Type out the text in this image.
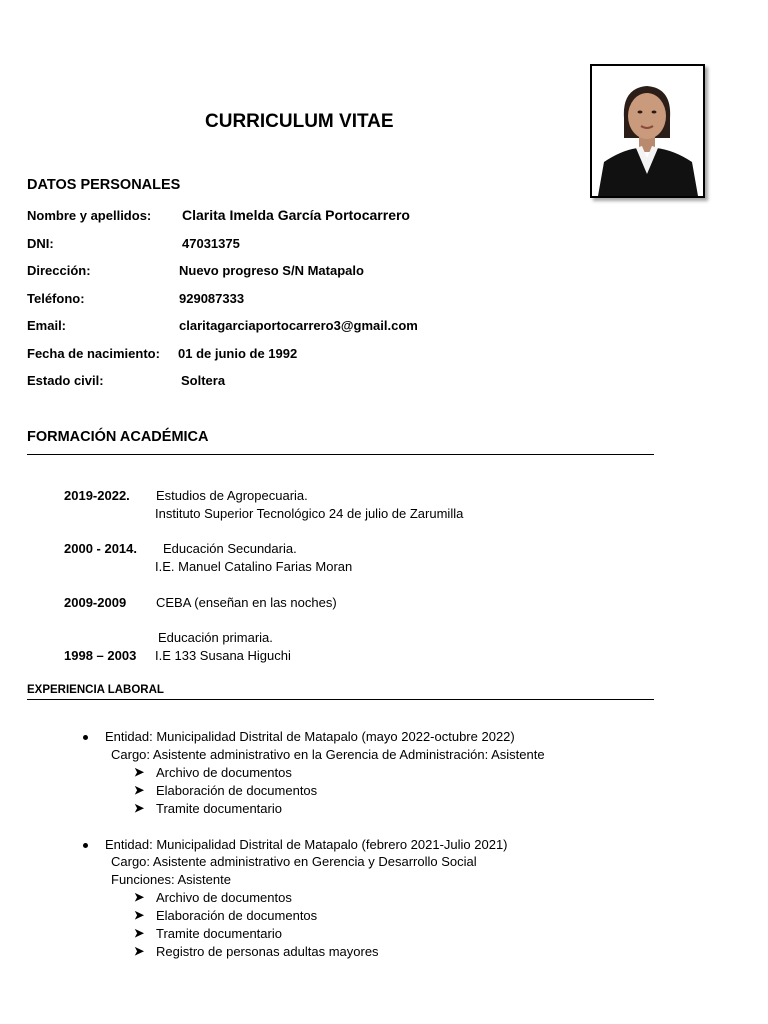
CURRICULUM VITAE
DATOS PERSONALES
Nombre y apellidos: Clarita Imelda García Portocarrero
DNI:	47031375
Dirección:	Nuevo progreso S/N Matapalo
Teléfono:	929087333
Email:	claritagarciaportocarrero3@gmail.com
Fecha de nacimiento: 01 de junio de 1992
Estado civil:	Soltera
FORMACIÓN ACADÉMICA
2019-2022. Estudios de Agropecuaria.
Instituto Superior Tecnológico 24 de julio de Zarumilla
2000 - 2014. Educación Secundaria.
I.E. Manuel Catalino Farias Moran
2009-2009 CEBA (enseñan en las noches)
Educación primaria.
1998 – 2003 I.E 133 Susana Higuchi
EXPERIENCIA LABORAL
Entidad: Municipalidad Distrital de Matapalo (mayo 2022-octubre 2022)
Cargo: Asistente administrativo en la Gerencia de Administración: Asistente
➤ Archivo de documentos
➤ Elaboración de documentos
➤ Tramite documentario
Entidad: Municipalidad Distrital de Matapalo (febrero 2021-Julio 2021)
Cargo: Asistente administrativo en Gerencia y Desarrollo Social
Funciones: Asistente
➤ Archivo de documentos
➤ Elaboración de documentos
➤ Tramite documentario
➤ Registro de personas adultas mayores
